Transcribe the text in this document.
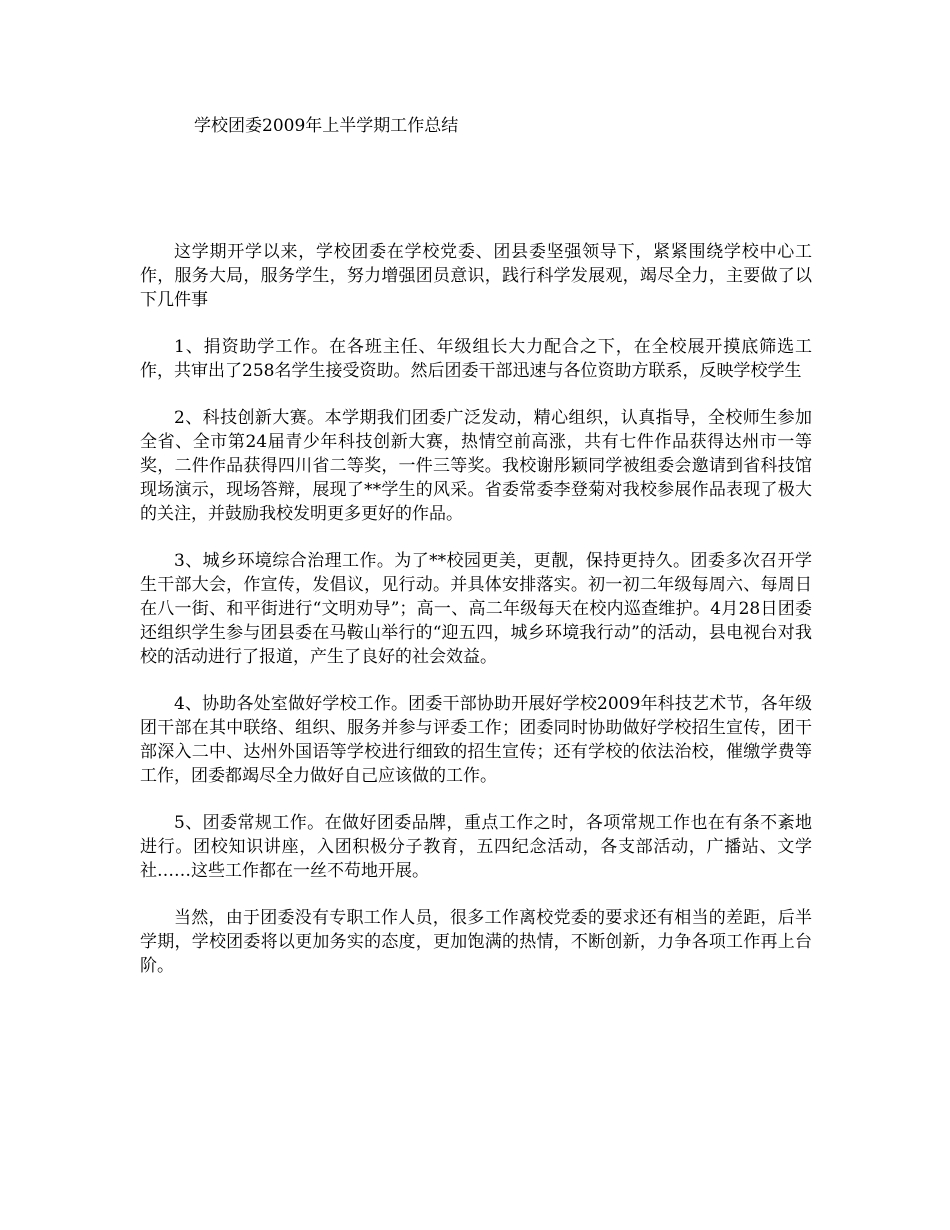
学校团委2009年上半学期工作总结

这学期开学以来，学校团委在学校党委、团县委坚强领导下，紧紧围绕学校中心工作，服务大局，服务学生，努力增强团员意识，践行科学发展观，竭尽全力，主要做了以下几件事

1、捐资助学工作。在各班主任、年级组长大力配合之下，在全校展开摸底筛选工作，共审出了258名学生接受资助。然后团委干部迅速与各位资助方联系，反映学校学生

2、科技创新大赛。本学期我们团委广泛发动，精心组织，认真指导，全校师生参加全省、全市第24届青少年科技创新大赛，热情空前高涨，共有七件作品获得达州市一等奖，二件作品获得四川省二等奖，一件三等奖。我校谢彤颖同学被组委会邀请到省科技馆现场演示，现场答辩，展现了**学生的风采。省委常委李登菊对我校参展作品表现了极大的关注，并鼓励我校发明更多更好的作品。

3、城乡环境综合治理工作。为了**校园更美，更靓，保持更持久。团委多次召开学生干部大会，作宣传，发倡议，见行动。并具体安排落实。初一初二年级每周六、每周日在八一街、和平街进行“文明劝导”；高一、高二年级每天在校内巡查维护。4月28日团委还组织学生参与团县委在马鞍山举行的“迎五四，城乡环境我行动”的活动，县电视台对我校的活动进行了报道，产生了良好的社会效益。

4、协助各处室做好学校工作。团委干部协助开展好学校2009年科技艺术节，各年级团干部在其中联络、组织、服务并参与评委工作；团委同时协助做好学校招生宣传，团干部深入二中、达州外国语等学校进行细致的招生宣传；还有学校的依法治校，催缴学费等工作，团委都竭尽全力做好自己应该做的工作。

5、团委常规工作。在做好团委品牌，重点工作之时，各项常规工作也在有条不紊地进行。团校知识讲座，入团积极分子教育，五四纪念活动，各支部活动，广播站、文学社……这些工作都在一丝不苟地开展。

当然，由于团委没有专职工作人员，很多工作离校党委的要求还有相当的差距，后半学期，学校团委将以更加务实的态度，更加饱满的热情，不断创新，力争各项工作再上台阶。
